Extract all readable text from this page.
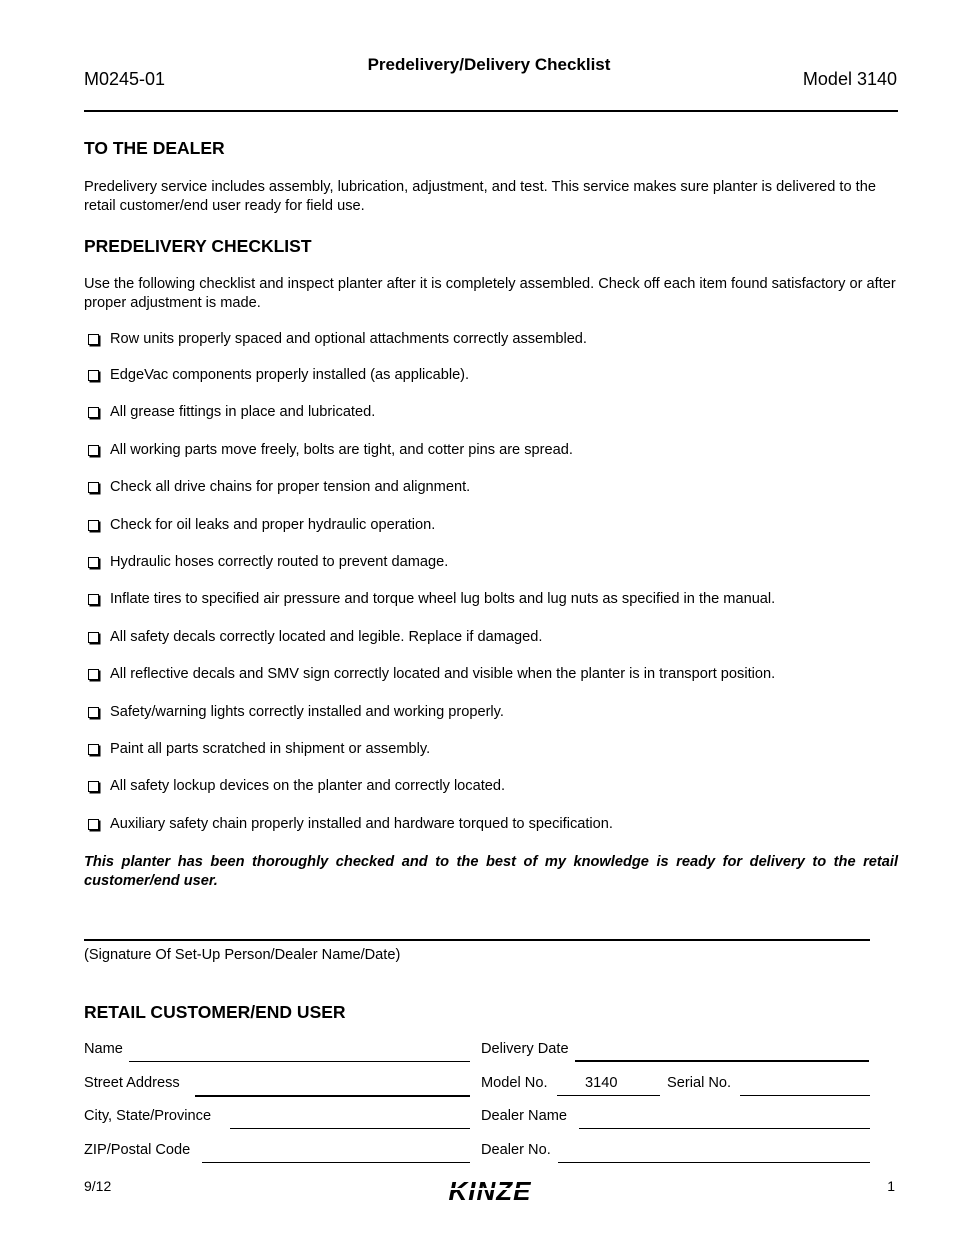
M0245-01
Predelivery/Delivery Checklist
Model 3140
TO THE DEALER
Predelivery service includes assembly, lubrication, adjustment, and test. This service makes sure planter is delivered to the retail customer/end user ready for field use.
PREDELIVERY CHECKLIST
Use the following checklist and inspect planter after it is completely assembled. Check off each item found satisfactory or after proper adjustment is made.
Row units properly spaced and optional attachments correctly assembled.
EdgeVac components properly installed (as applicable).
All grease fittings in place and lubricated.
All working parts move freely, bolts are tight, and cotter pins are spread.
Check all drive chains for proper tension and alignment.
Check for oil leaks and proper hydraulic operation.
Hydraulic hoses correctly routed to prevent damage.
Inflate tires to specified air pressure and torque wheel lug bolts and lug nuts as specified in the manual.
All safety decals correctly located and legible. Replace if damaged.
All reflective decals and SMV sign correctly located and visible when the planter is in transport position.
Safety/warning lights correctly installed and working properly.
Paint all parts scratched in shipment or assembly.
All safety lockup devices on the planter and correctly located.
Auxiliary safety chain properly installed and hardware torqued to specification.
This planter has been thoroughly checked and to the best of my knowledge is ready for delivery to the retail customer/end user.
(Signature Of Set-Up Person/Dealer Name/Date)
RETAIL CUSTOMER/END USER
Name	Delivery Date
Street Address	Model No.	3140	Serial No.
City, State/Province	Dealer Name
ZIP/Postal Code	Dealer No.
9/12	KINZE	1
